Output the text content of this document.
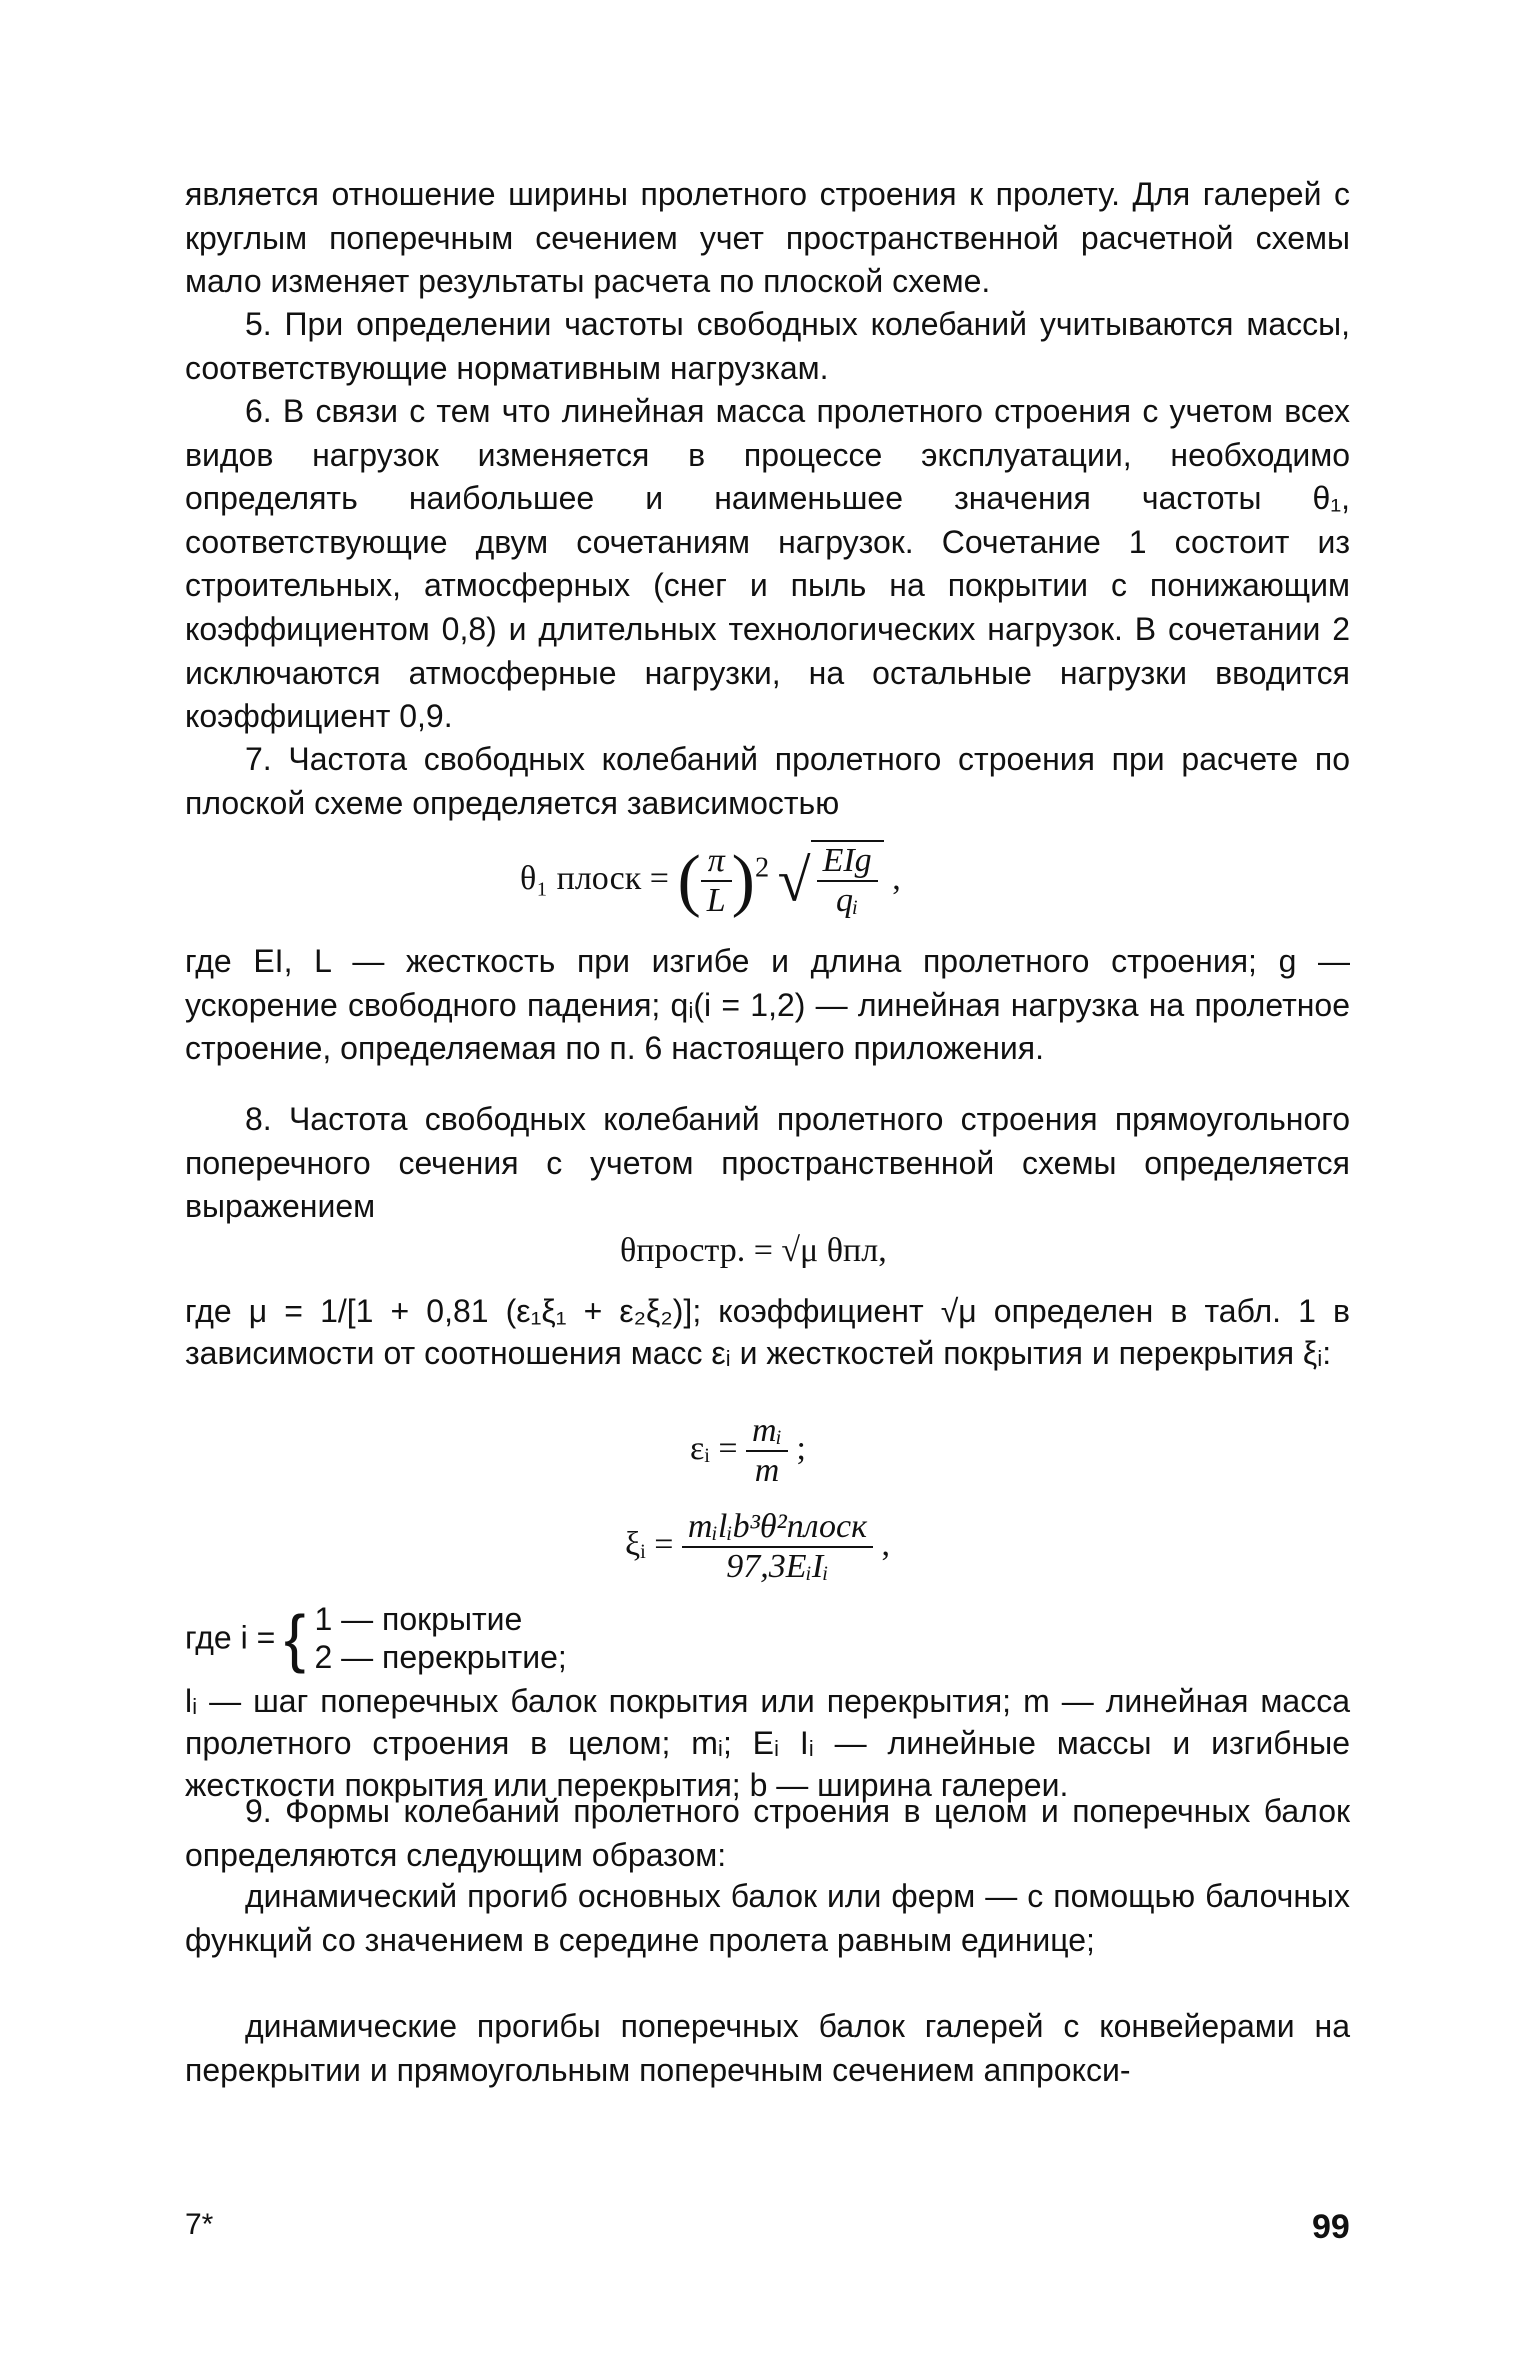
является отношение ширины пролетного строения к пролету. Для галерей с круглым поперечным сечением учет пространственной расчетной схемы мало изменяет результаты расчета по плоской схеме.

5. При определении частоты свободных колебаний учитываются массы, соответствующие нормативным нагрузкам.

6. В связи с тем что линейная масса пролетного строения с учетом всех видов нагрузок изменяется в процессе эксплуатации, необходимо определять наибольшее и наименьшее значения частоты θ₁, соответствующие двум сочетаниям нагрузок. Сочетание 1 состоит из строительных, атмосферных (снег и пыль на покрытии с понижающим коэффициентом 0,8) и длительных технологических нагрузок. В сочетании 2 исключаются атмосферные нагрузки, на остальные нагрузки вводится коэффициент 0,9.

7. Частота свободных колебаний пролетного строения при расчете по плоской схеме определяется зависимостью

θ₁ плоск = ( $\frac{\pi}{L} )^2$ √ $\frac{\text{EIg}}{\text{qᵢ}}$ ,

где EI, L — жесткость при изгибе и длина пролетного строения; g — ускорение свободного падения; qᵢ(i = 1,2) — линейная нагрузка на пролетное строение, определяемая по п. 6 настоящего приложения.

8. Частота свободных колебаний пролетного строения прямоугольного поперечного сечения с учетом пространственной схемы определяется выражением

θпростр. = √μ θпл,

где μ = 1/[1 + 0,81 (ε₁ξ₁ + ε₂ξ₂)]; коэффициент √μ определен в табл. 1 в зависимости от соотношения масс εᵢ и жесткостей покрытия и перекрытия ξᵢ:

εᵢ = $\frac{\text{mᵢ}}{m}$ ;
ξᵢ = $\frac{\text{mᵢlᵢb³θ²плоск}}{\text{97,3EᵢIᵢ}}$ ,
где i = { 1 — покрытие
2 — перекрытие;

lᵢ — шаг поперечных балок покрытия или перекрытия; m — линейная масса пролетного строения в целом; mᵢ; Eᵢ Iᵢ — линейные массы и изгибные жесткости покрытия или перекрытия; b — ширина галереи.

9. Формы колебаний пролетного строения в целом и поперечных балок определяются следующим образом:

динамический прогиб основных балок или ферм — с помощью балочных функций со значением в середине пролета равным единице;

динамические прогибы поперечных балок галерей с конвейерами на перекрытии и прямоугольным поперечным сечением аппрокси-

7*	99
